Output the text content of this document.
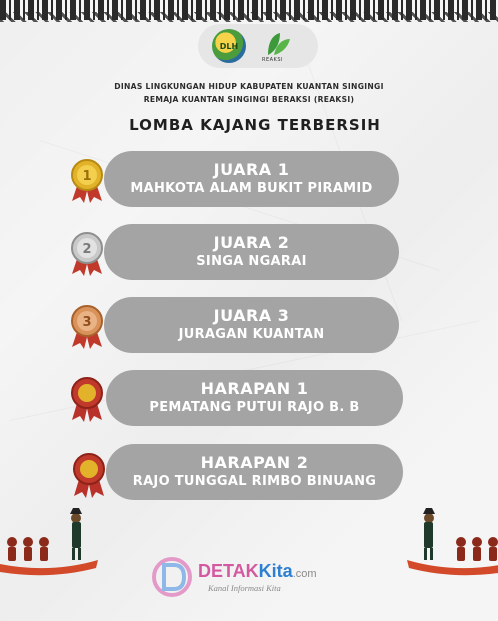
DLH
REAKSI
DINAS LINGKUNGAN HIDUP KABUPATEN KUANTAN SINGINGI
REMAJA KUANTAN SINGINGI BERAKSI (REAKSI)
LOMBA KAJANG TERBERSIH
1	JUARA 1
MAHKOTA ALAM BUKIT PIRAMID
2	JUARA 2
SINGA NGARAI
3	JUARA 3
JURAGAN KUANTAN
HARAPAN 1
PEMATANG PUTUI RAJO B. B
HARAPAN 2
RAJO TUNGGAL RIMBO BINUANG
DETAKKita.com
Kanal Informasi Kita
